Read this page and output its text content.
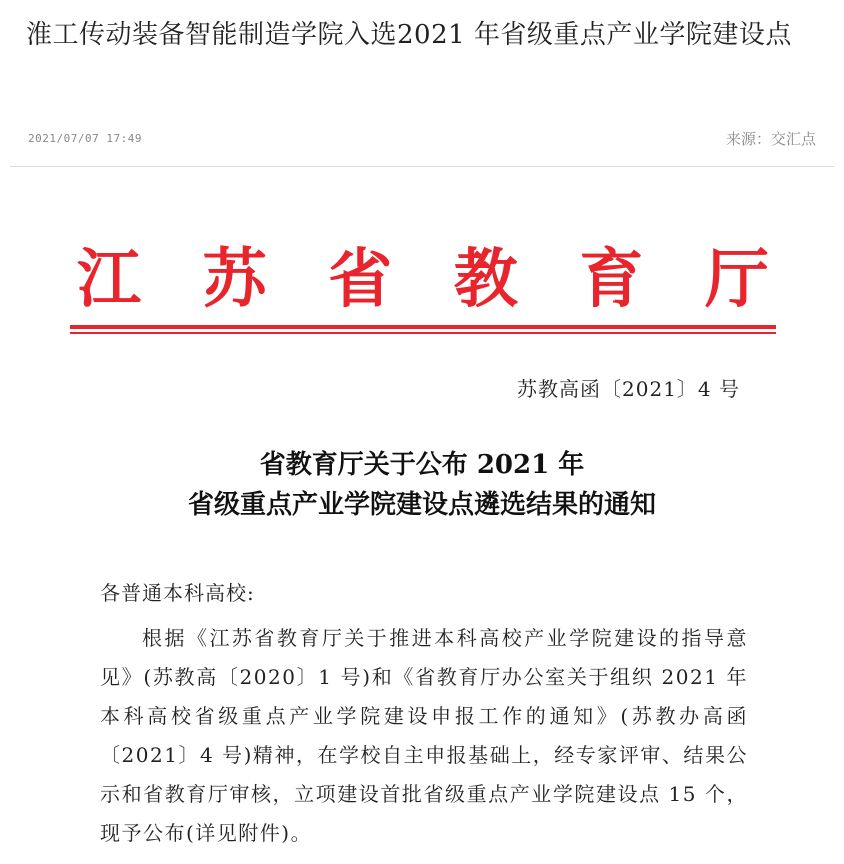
淮工传动装备智能制造学院入选2021 年省级重点产业学院建设点
2021/07/07 17:49	来源：交汇点
江 苏 省 教 育 厅
苏教高函〔2021〕4 号
省教育厅关于公布 2021 年
省级重点产业学院建设点遴选结果的通知
各普通本科高校:

根据《江苏省教育厅关于推进本科高校产业学院建设的指导意见》(苏教高〔2020〕1 号)和《省教育厅办公室关于组织 2021 年本科高校省级重点产业学院建设申报工作的通知》(苏教办高函〔2021〕4 号)精神，在学校自主申报基础上，经专家评审、结果公示和省教育厅审核，立项建设首批省级重点产业学院建设点 15 个，现予公布(详见附件)。
